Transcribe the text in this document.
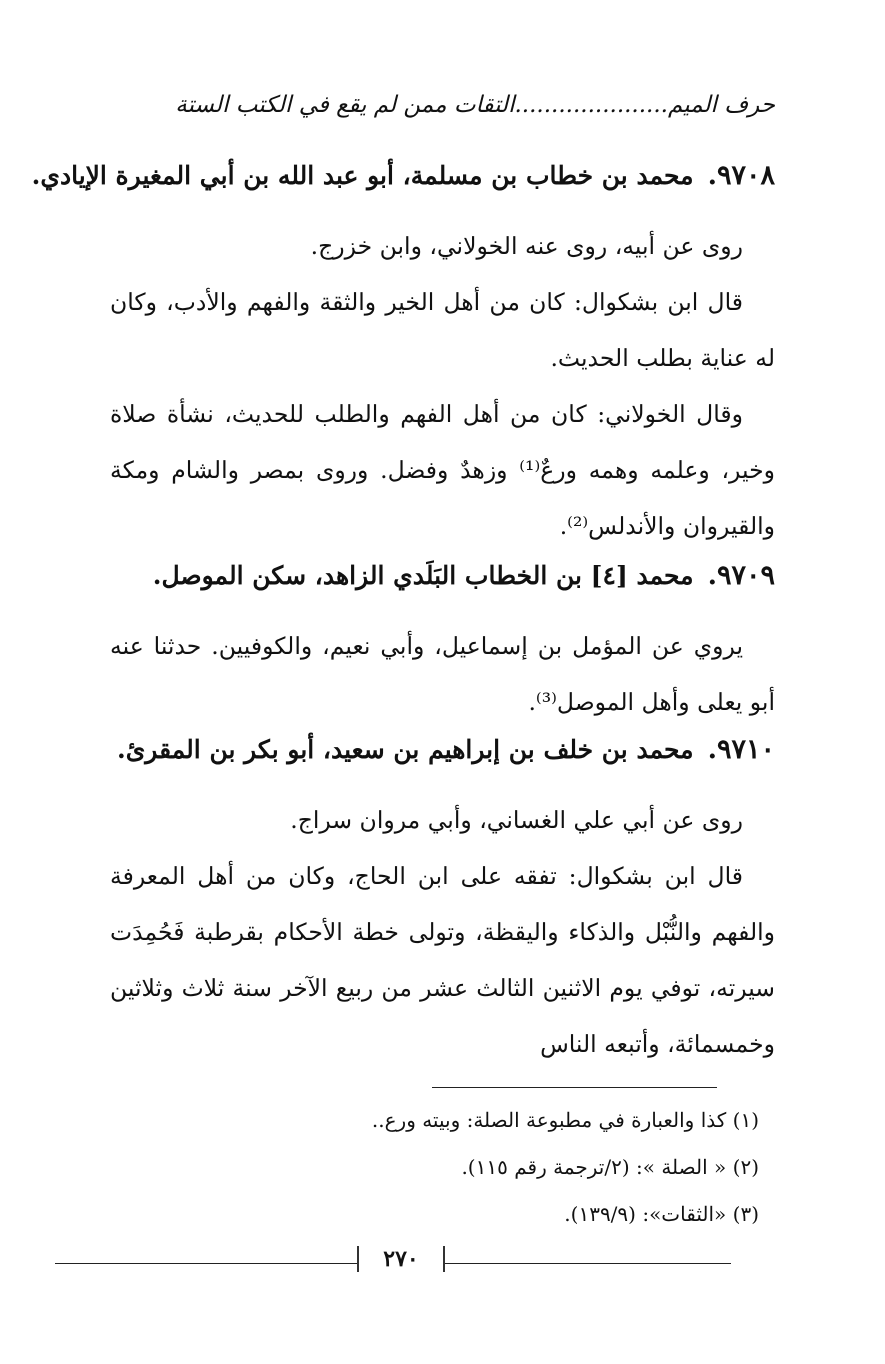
حرف الميم.....................التقات ممن لم يقع في الكتب الستة
٩٧٠٨.محمد بن خطاب بن مسلمة، أبو عبد الله بن أبي المغيرة الإيادي.
روى عن أبيه، روى عنه الخولاني، وابن خزرج.
قال ابن بشكوال: كان من أهل الخير والثقة والفهم والأدب، وكان له عناية بطلب الحديث.
وقال الخولاني: كان من أهل الفهم والطلب للحديث، نشأة صلاة وخير، وعلمه وهمه ورعٌ⁽¹⁾ وزهدٌ وفضل. وروى بمصر والشام ومكة والقيروان والأندلس⁽²⁾.
٩٧٠٩.محمد [٤] بن الخطاب البَلَدي الزاهد، سكن الموصل.
يروي عن المؤمل بن إسماعيل، وأبي نعيم، والكوفيين. حدثنا عنه أبو يعلى وأهل الموصل⁽³⁾.
٩٧١٠.محمد بن خلف بن إبراهيم بن سعيد، أبو بكر بن المقرئ.
روى عن أبي علي الغساني، وأبي مروان سراج.
قال ابن بشكوال: تفقه على ابن الحاج، وكان من أهل المعرفة والفهم والنُّبْل والذكاء واليقظة، وتولى خطة الأحكام بقرطبة فَحُمِدَت سيرته، توفي يوم الاثنين الثالث عشر من ربيع الآخر سنة ثلاث وثلاثين وخمسمائة، وأتبعه الناس
(١) كذا والعبارة في مطبوعة الصلة: وبيته ورع..
(٢) « الصلة »: (٢/ترجمة رقم ١١٥).
(٣) «الثقات»: (١٣٩/٩).
٢٧٠
